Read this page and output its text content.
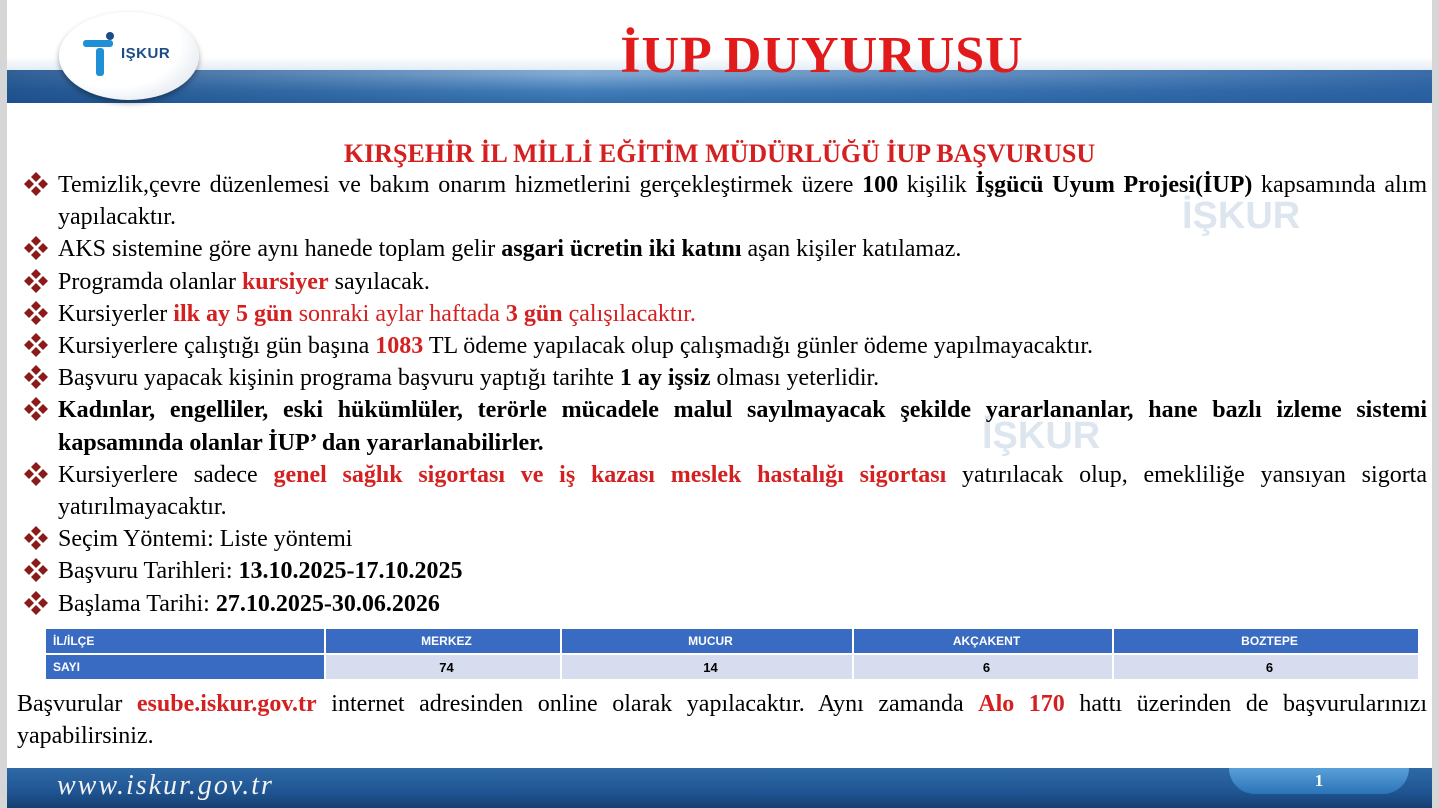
IŞKUR	İUP DUYURUSU
İŞKUR
İŞKUR
KIRŞEHİR İL MİLLİ EĞİTİM MÜDÜRLÜĞÜ İUP BAŞVURUSU
Temizlik,çevre düzenlemesi ve bakım onarım hizmetlerini gerçekleştirmek üzere 100 kişilik İşgücü Uyum Projesi(İUP) kapsamında alım yapılacaktır.
AKS sistemine göre aynı hanede toplam gelir asgari ücretin iki katını aşan kişiler katılamaz.
Programda olanlar kursiyer sayılacak.
Kursiyerler ilk ay 5 gün sonraki aylar haftada 3 gün çalışılacaktır.
Kursiyerlere çalıştığı gün başına 1083 TL ödeme yapılacak olup çalışmadığı günler ödeme yapılmayacaktır.
Başvuru yapacak kişinin programa başvuru yaptığı tarihte 1 ay işsiz olması yeterlidir.
Kadınlar, engelliler, eski hükümlüler, terörle mücadele malul sayılmayacak şekilde yararlananlar, hane bazlı izleme sistemi kapsamında olanlar İUP’ dan yararlanabilirler.
Kursiyerlere sadece genel sağlık sigortası ve iş kazası meslek hastalığı sigortası yatırılacak olup, emekliliğe yansıyan sigorta yatırılmayacaktır.
Seçim Yöntemi: Liste yöntemi
Başvuru Tarihleri: 13.10.2025-17.10.2025
Başlama Tarihi: 27.10.2025-30.06.2026
İL/İLÇE	MERKEZ	MUCUR	AKÇAKENT	BOZTEPE
SAYI	74	14	6	6
Başvurular esube.iskur.gov.tr internet adresinden online olarak yapılacaktır. Aynı zamanda Alo 170 hattı üzerinden de başvurularınızı yapabilirsiniz.
www.iskur.gov.tr	1
